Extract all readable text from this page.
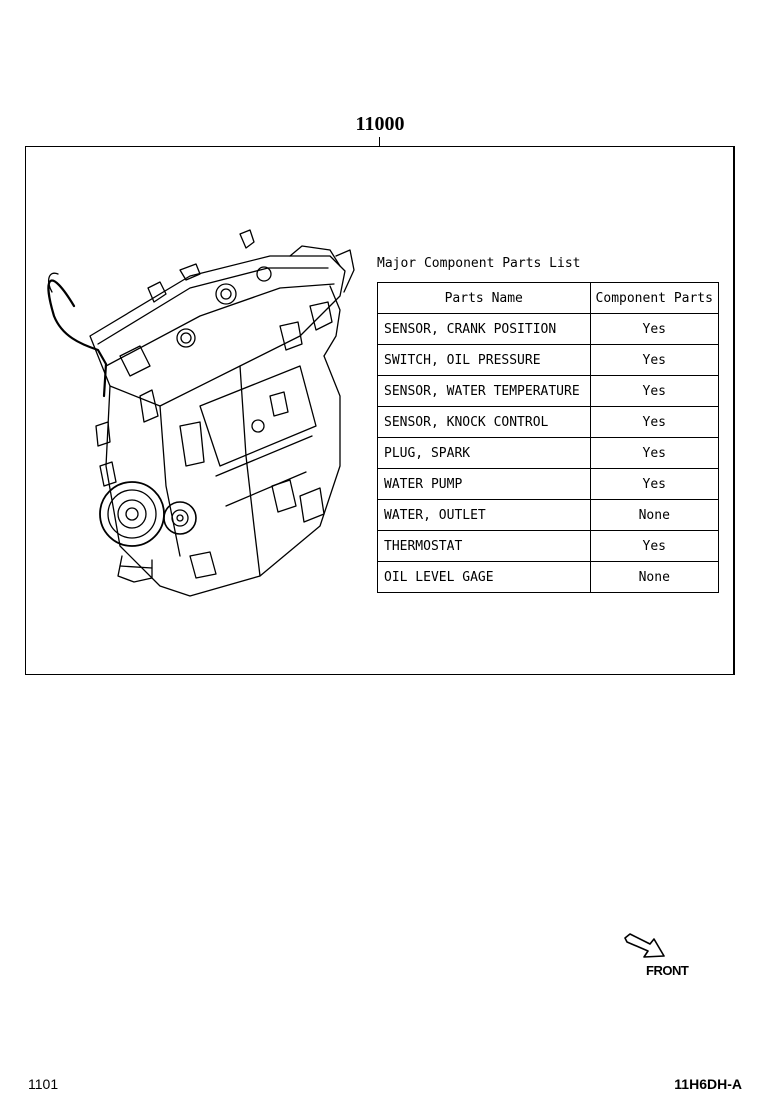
11000
Major Component Parts List
Parts Name	Component Parts
SENSOR, CRANK POSITION	Yes
SWITCH, OIL PRESSURE	Yes
SENSOR, WATER TEMPERATURE	Yes
SENSOR, KNOCK CONTROL	Yes
PLUG, SPARK	Yes
WATER PUMP	Yes
WATER, OUTLET	None
THERMOSTAT	Yes
OIL LEVEL GAGE	None
FRONT
1101	11H6DH-A
